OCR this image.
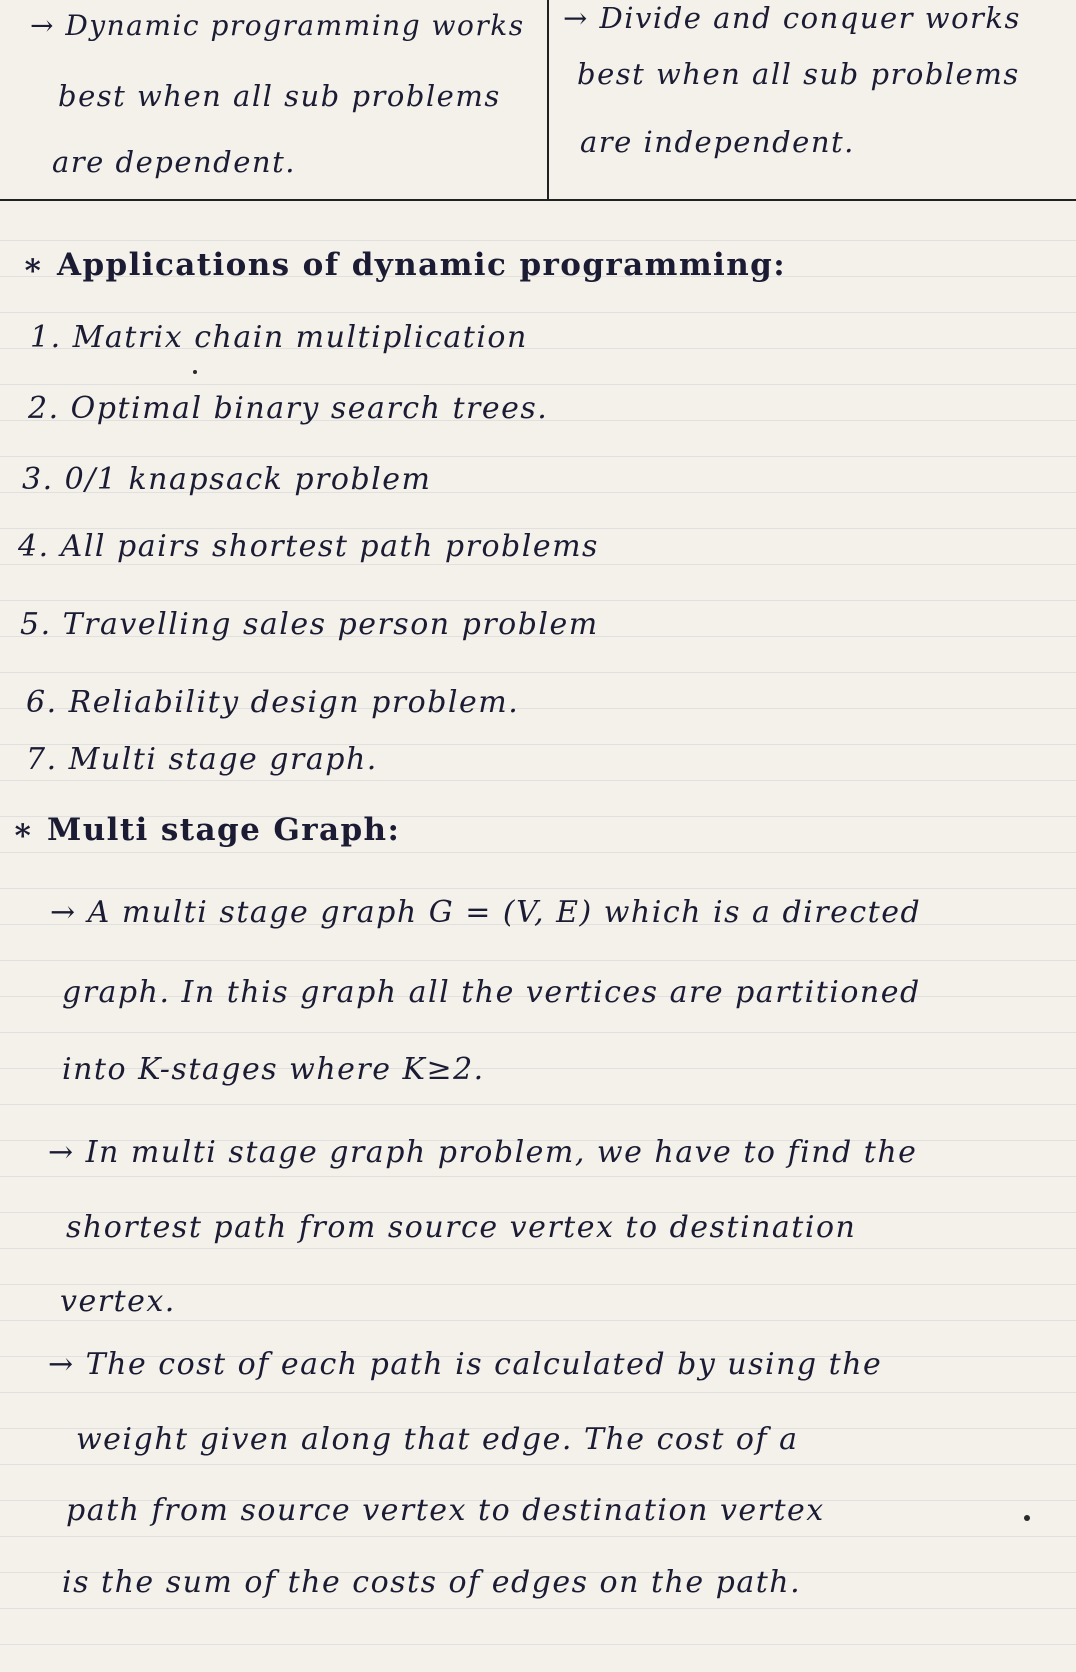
→ Dynamic programming works
best when all sub problems
are dependent.
→ Divide and conquer works
best when all sub problems
are independent.
∗ Applications of dynamic programming:
1. Matrix chain multiplication
2. Optimal binary search trees.
3. 0/1 knapsack problem
4. All pairs shortest path problems
5. Travelling sales person problem
6. Reliability design problem.
7. Multi stage graph.
∗ Multi stage Graph:
→ A multi stage graph G = (V, E) which is a directed
graph. In this graph all the vertices are partitioned
into K-stages where K≥2.
→ In multi stage graph problem, we have to find the
shortest path from source vertex to destination
vertex.
→ The cost of each path is calculated by using the
weight given along that edge. The cost of a
path from source vertex to destination vertex
is the sum of the costs of edges on the path.
